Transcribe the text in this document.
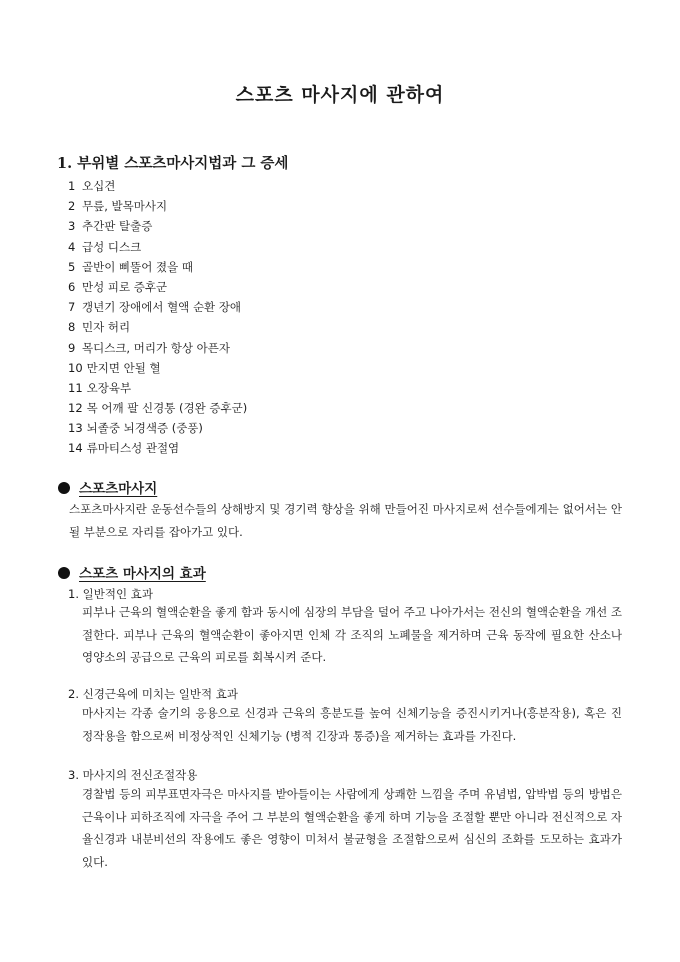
스포츠 마사지에 관하여
1. 부위별 스포츠마사지법과 그 증세
1 오십견
2 무릎, 발목마사지
3 추간판 탈출증
4 급성 디스크
5 골반이 삐뚤어 졌을 때
6 만성 피로 증후군
7 갱년기 장애에서 혈액 순환 장애
8 민자 허리
9 목디스크, 머리가 항상 아픈자
10 만지면 안될 혈
11 오장육부
12 목 어깨 팔 신경통 (경완 증후군)
13 뇌졸중 뇌경색증 (중풍)
14 류마티스성 관절염
스포츠마사지
스포츠마사지란 운동선수들의 상해방지 및 경기력 향상을 위해 만들어진 마사지로써 선수들에게는 없어서는 안될 부분으로 자리를 잡아가고 있다.
스포츠 마사지의 효과
1. 일반적인 효과
피부나 근육의 혈액순환을 좋게 함과 동시에 심장의 부담을 덜어 주고 나아가서는 전신의 혈액순환을 개선 조절한다. 피부나 근육의 혈액순환이 좋아지면 인체 각 조직의 노폐물을 제거하며 근육 동작에 필요한 산소나 영양소의 공급으로 근육의 피로를 회복시켜 준다.
2. 신경근육에 미치는 일반적 효과
마사지는 각종 술기의 응용으로 신경과 근육의 흥분도를 높여 신체기능을 증진시키거나(흥분작용), 혹은 진정작용을 함으로써 비정상적인 신체기능 (병적 긴장과 통증)을 제거하는 효과를 가진다.
3. 마사지의 전신조절작용
경찰법 등의 피부표면자극은 마사지를 받아들이는 사람에게 상쾌한 느낌을 주며 유념법, 압박법 등의 방법은 근육이나 피하조직에 자극을 주어 그 부분의 혈액순환을 좋게 하며 기능을 조절할 뿐만 아니라 전신적으로 자율신경과 내분비선의 작용에도 좋은 영향이 미쳐서 불균형을 조절함으로써 심신의 조화를 도모하는 효과가 있다.
